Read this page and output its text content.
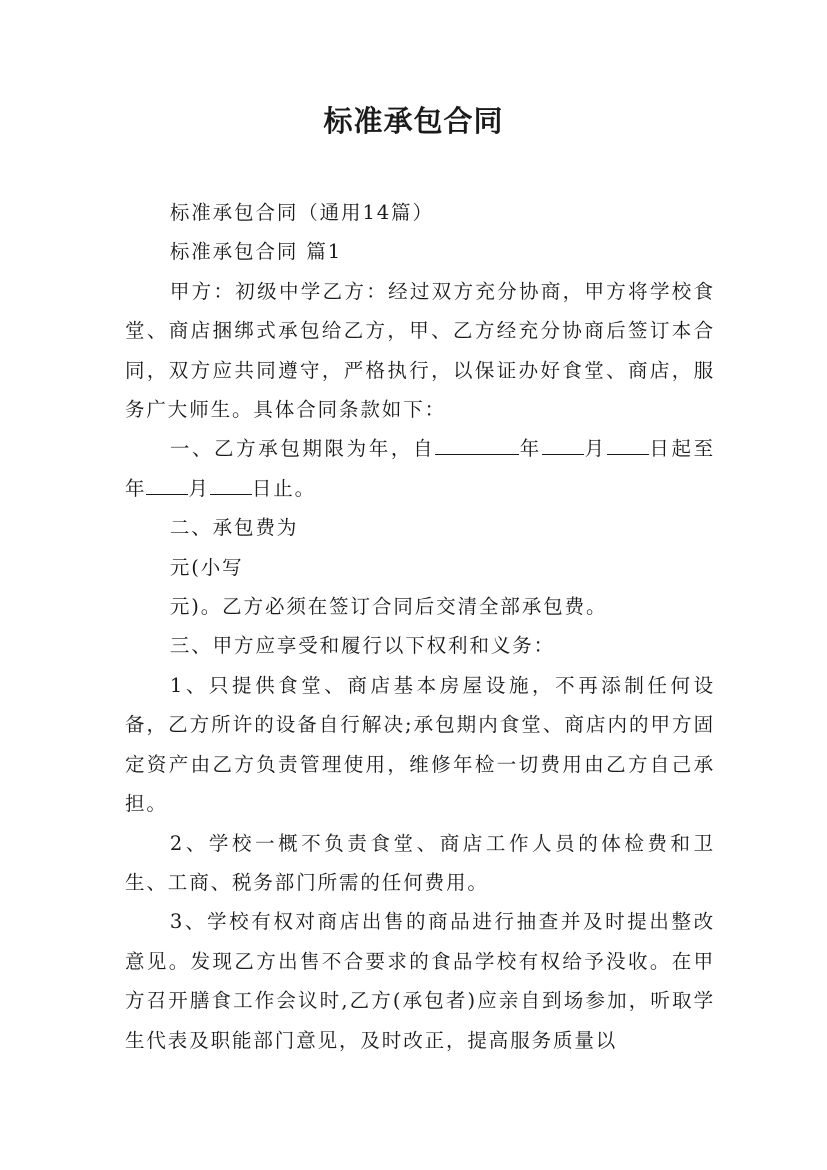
标准承包合同

标准承包合同（通用14篇）

标准承包合同 篇1

甲方：初级中学乙方：经过双方充分协商，甲方将学校食堂、商店捆绑式承包给乙方，甲、乙方经充分协商后签订本合同，双方应共同遵守，严格执行，以保证办好食堂、商店，服务广大师生。具体合同条款如下：

一、乙方承包期限为年，自	年 月 日起至年 月 日止。

二、承包费为

元(小写

元)。乙方必须在签订合同后交清全部承包费。

三、甲方应享受和履行以下权利和义务：

1、只提供食堂、商店基本房屋设施，不再添制任何设备，乙方所许的设备自行解决;承包期内食堂、商店内的甲方固定资产由乙方负责管理使用，维修年检一切费用由乙方自己承担。

2、学校一概不负责食堂、商店工作人员的体检费和卫生、工商、税务部门所需的任何费用。

3、学校有权对商店出售的商品进行抽查并及时提出整改意见。发现乙方出售不合要求的食品学校有权给予没收。在甲方召开膳食工作会议时,乙方(承包者)应亲自到场参加，听取学生代表及职能部门意见，及时改正，提高服务质量以
